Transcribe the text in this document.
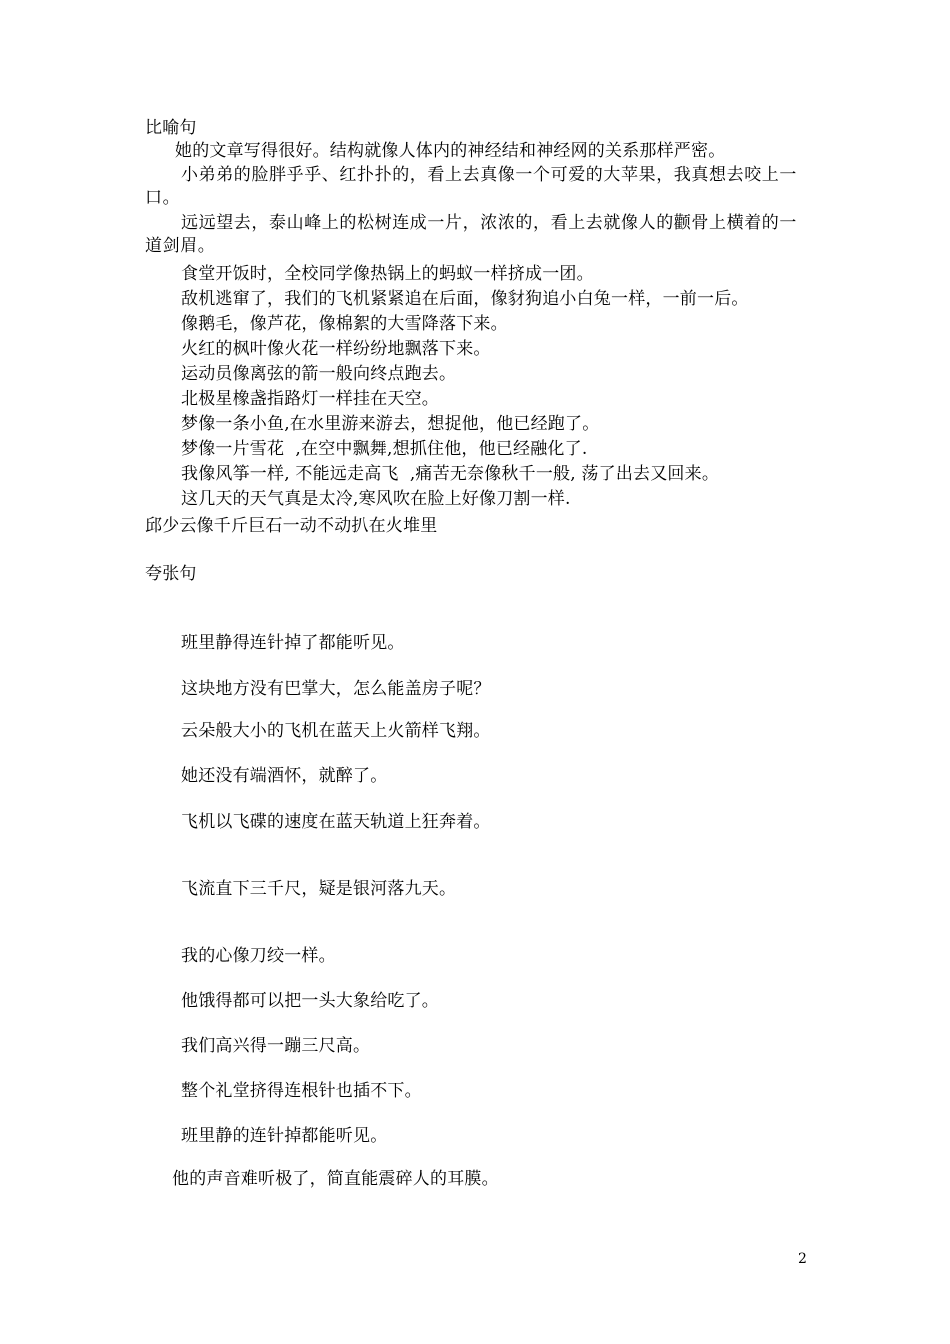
比喻句
她的文章写得很好。结构就像人体内的神经结和神经网的关系那样严密。
小弟弟的脸胖乎乎、红扑扑的，看上去真像一个可爱的大苹果，我真想去咬上一口。
远远望去，泰山峰上的松树连成一片，浓浓的，看上去就像人的颧骨上横着的一道剑眉。
食堂开饭时，全校同学像热锅上的蚂蚁一样挤成一团。
敌机逃窜了，我们的飞机紧紧追在后面，像豺狗追小白兔一样，一前一后。
像鹅毛，像芦花，像棉絮的大雪降落下来。
火红的枫叶像火花一样纷纷地飘落下来。
运动员像离弦的箭一般向终点跑去。
北极星橡盏指路灯一样挂在天空。
梦像一条小鱼,在水里游来游去，想捉他，他已经跑了。
梦像一片雪花  ,在空中飘舞,想抓住他，他已经融化了.
我像风筝一样, 不能远走高飞  ,痛苦无奈像秋千一般, 荡了出去又回来。
这几天的天气真是太冷,寒风吹在脸上好像刀割一样.
邱少云像千斤巨石一动不动扒在火堆里
夸张句
班里静得连针掉了都能听见。
这块地方没有巴掌大，怎么能盖房子呢？
云朵般大小的飞机在蓝天上火箭样飞翔。
她还没有端酒怀，就醉了。
飞机以飞碟的速度在蓝天轨道上狂奔着。
飞流直下三千尺，疑是银河落九天。
我的心像刀绞一样。
他饿得都可以把一头大象给吃了。
我们高兴得一蹦三尺高。
整个礼堂挤得连根针也插不下。
班里静的连针掉都能听见。
他的声音难听极了，简直能震碎人的耳膜。
2
